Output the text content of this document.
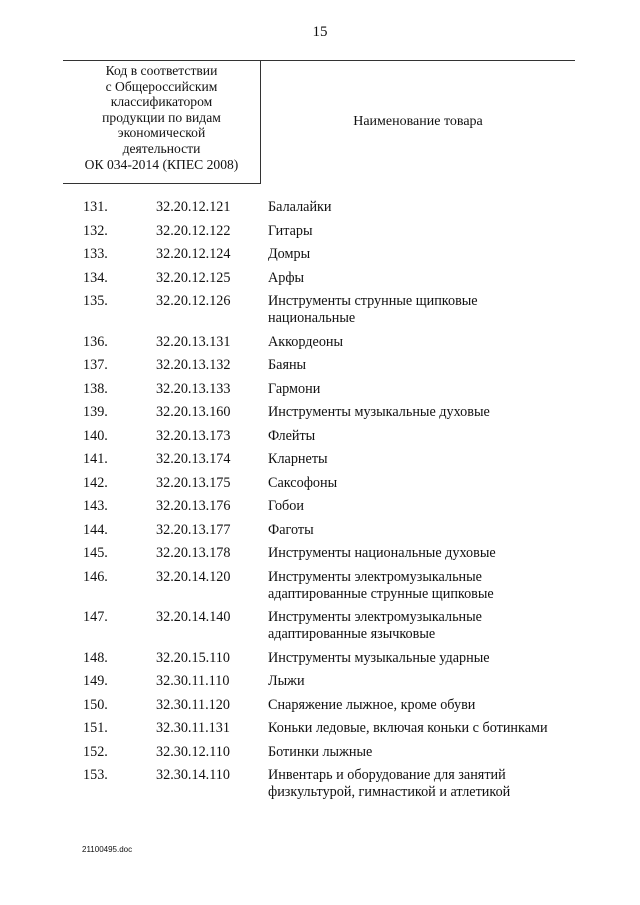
15
Код в соответствии
с Общероссийским
классификатором
продукции по видам
экономической
деятельности
ОК 034-2014 (КПЕС 2008)
Наименование товара
131.	32.20.12.121	Балалайки
132.	32.20.12.122	Гитары
133.	32.20.12.124	Домры
134.	32.20.12.125	Арфы
135.	32.20.12.126	Инструменты струнные щипковые
национальные
136.	32.20.13.131	Аккордеоны
137.	32.20.13.132	Баяны
138.	32.20.13.133	Гармони
139.	32.20.13.160	Инструменты музыкальные духовые
140.	32.20.13.173	Флейты
141.	32.20.13.174	Кларнеты
142.	32.20.13.175	Саксофоны
143.	32.20.13.176	Гобои
144.	32.20.13.177	Фаготы
145.	32.20.13.178	Инструменты национальные духовые
146.	32.20.14.120	Инструменты электромузыкальные
адаптированные струнные щипковые
147.	32.20.14.140	Инструменты электромузыкальные
адаптированные язычковые
148.	32.20.15.110	Инструменты музыкальные ударные
149.	32.30.11.110	Лыжи
150.	32.30.11.120	Снаряжение лыжное, кроме обуви
151.	32.30.11.131	Коньки ледовые, включая коньки с ботинками
152.	32.30.12.110	Ботинки лыжные
153.	32.30.14.110	Инвентарь и оборудование для занятий
физкультурой, гимнастикой и атлетикой
21100495.doc
